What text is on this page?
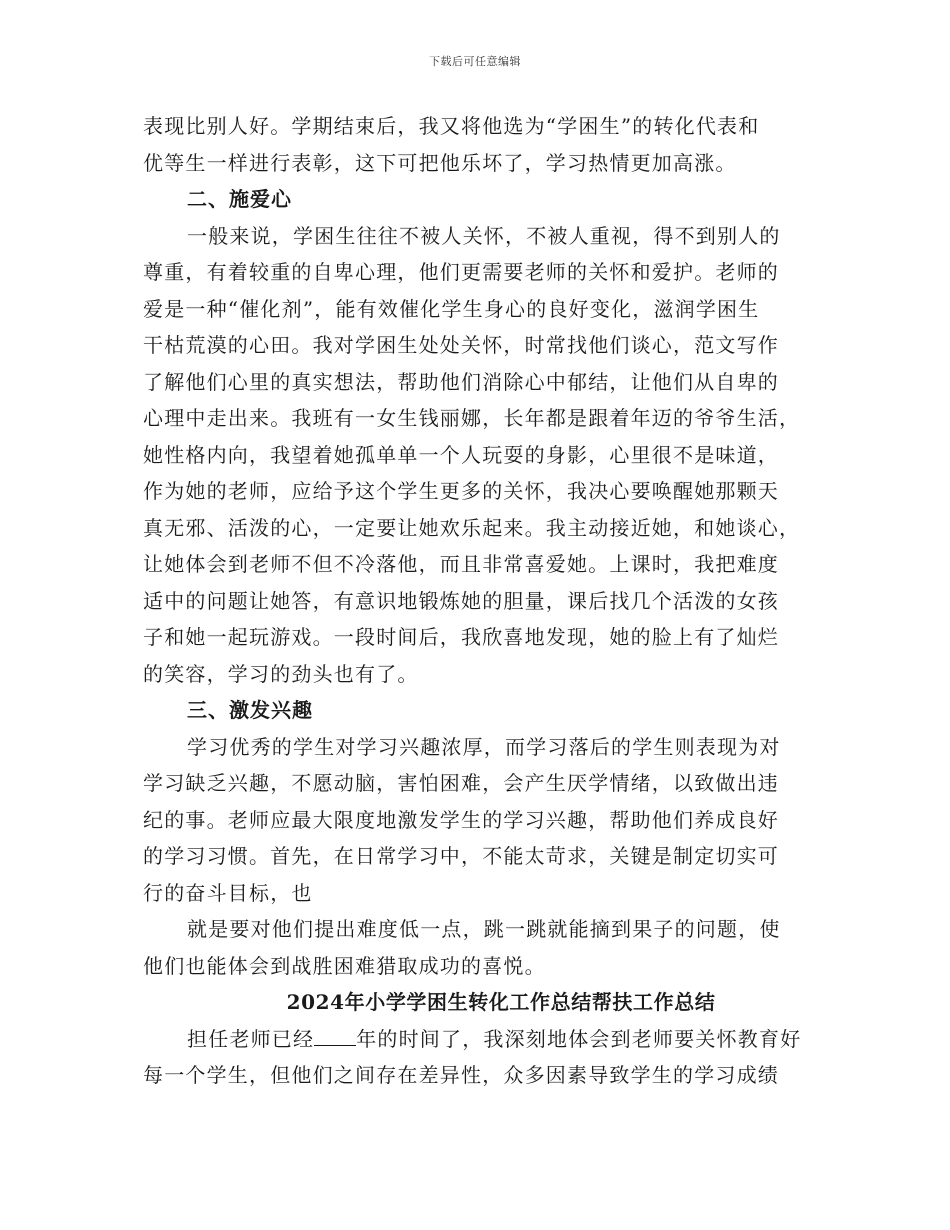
下载后可任意编辑
表现比别人好。学期结束后，我又将他选为“学困生”的转化代表和
优等生一样进行表彰，这下可把他乐坏了，学习热情更加高涨。
二、施爱心
一般来说，学困生往往不被人关怀，不被人重视，得不到别人的
尊重，有着较重的自卑心理，他们更需要老师的关怀和爱护。老师的
爱是一种“催化剂”，能有效催化学生身心的良好变化，滋润学困生
干枯荒漠的心田。我对学困生处处关怀，时常找他们谈心，范文写作
了解他们心里的真实想法，帮助他们消除心中郁结，让他们从自卑的
心理中走出来。我班有一女生钱丽娜，长年都是跟着年迈的爷爷生活，
她性格内向，我望着她孤单单一个人玩耍的身影，心里很不是味道，
作为她的老师，应给予这个学生更多的关怀，我决心要唤醒她那颗天
真无邪、活泼的心，一定要让她欢乐起来。我主动接近她，和她谈心，
让她体会到老师不但不冷落他，而且非常喜爱她。上课时，我把难度
适中的问题让她答，有意识地锻炼她的胆量，课后找几个活泼的女孩
子和她一起玩游戏。一段时间后，我欣喜地发现，她的脸上有了灿烂
的笑容，学习的劲头也有了。
三、激发兴趣
学习优秀的学生对学习兴趣浓厚，而学习落后的学生则表现为对
学习缺乏兴趣，不愿动脑，害怕困难，会产生厌学情绪，以致做出违
纪的事。老师应最大限度地激发学生的学习兴趣，帮助他们养成良好
的学习习惯。首先，在日常学习中，不能太苛求，关键是制定切实可
行的奋斗目标，也
就是要对他们提出难度低一点，跳一跳就能摘到果子的问题，使
他们也能体会到战胜困难猎取成功的喜悦。
2024年小学学困生转化工作总结帮扶工作总结
担任老师已经 年的时间了，我深刻地体会到老师要关怀教育好
每一个学生，但他们之间存在差异性，众多因素导致学生的学习成绩
